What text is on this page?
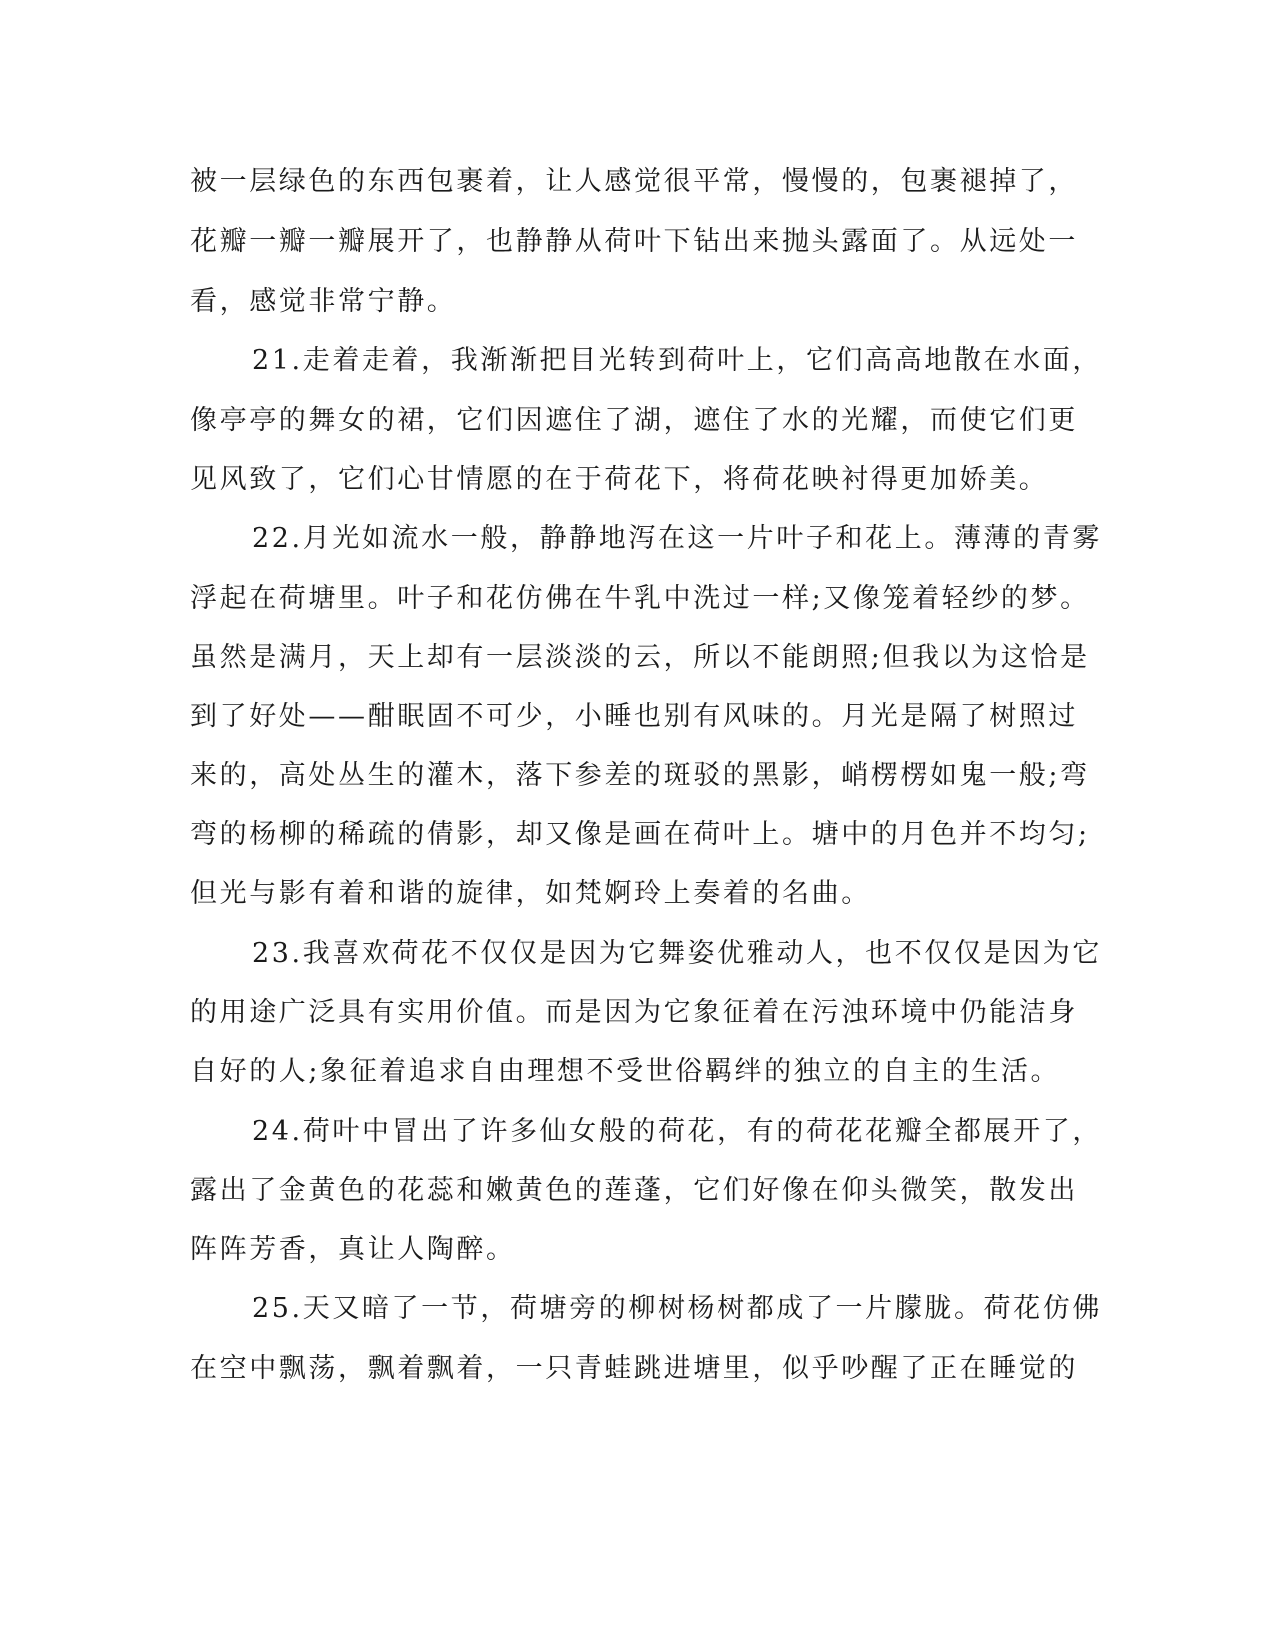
被一层绿色的东西包裹着，让人感觉很平常，慢慢的，包裹褪掉了，
花瓣一瓣一瓣展开了，也静静从荷叶下钻出来抛头露面了。从远处一
看，感觉非常宁静。
21.走着走着，我渐渐把目光转到荷叶上，它们高高地散在水面，
像亭亭的舞女的裙，它们因遮住了湖，遮住了水的光耀，而使它们更
见风致了，它们心甘情愿的在于荷花下，将荷花映衬得更加娇美。
22.月光如流水一般，静静地泻在这一片叶子和花上。薄薄的青雾
浮起在荷塘里。叶子和花仿佛在牛乳中洗过一样;又像笼着轻纱的梦。
虽然是满月，天上却有一层淡淡的云，所以不能朗照;但我以为这恰是
到了好处——酣眠固不可少，小睡也别有风味的。月光是隔了树照过
来的，高处丛生的灌木，落下参差的斑驳的黑影，峭楞楞如鬼一般;弯
弯的杨柳的稀疏的倩影，却又像是画在荷叶上。塘中的月色并不均匀;
但光与影有着和谐的旋律，如梵婀玲上奏着的名曲。
23.我喜欢荷花不仅仅是因为它舞姿优雅动人，也不仅仅是因为它
的用途广泛具有实用价值。而是因为它象征着在污浊环境中仍能洁身
自好的人;象征着追求自由理想不受世俗羁绊的独立的自主的生活。
24.荷叶中冒出了许多仙女般的荷花，有的荷花花瓣全都展开了，
露出了金黄色的花蕊和嫩黄色的莲蓬，它们好像在仰头微笑，散发出
阵阵芳香，真让人陶醉。
25.天又暗了一节，荷塘旁的柳树杨树都成了一片朦胧。荷花仿佛
在空中飘荡，飘着飘着，一只青蛙跳进塘里，似乎吵醒了正在睡觉的
